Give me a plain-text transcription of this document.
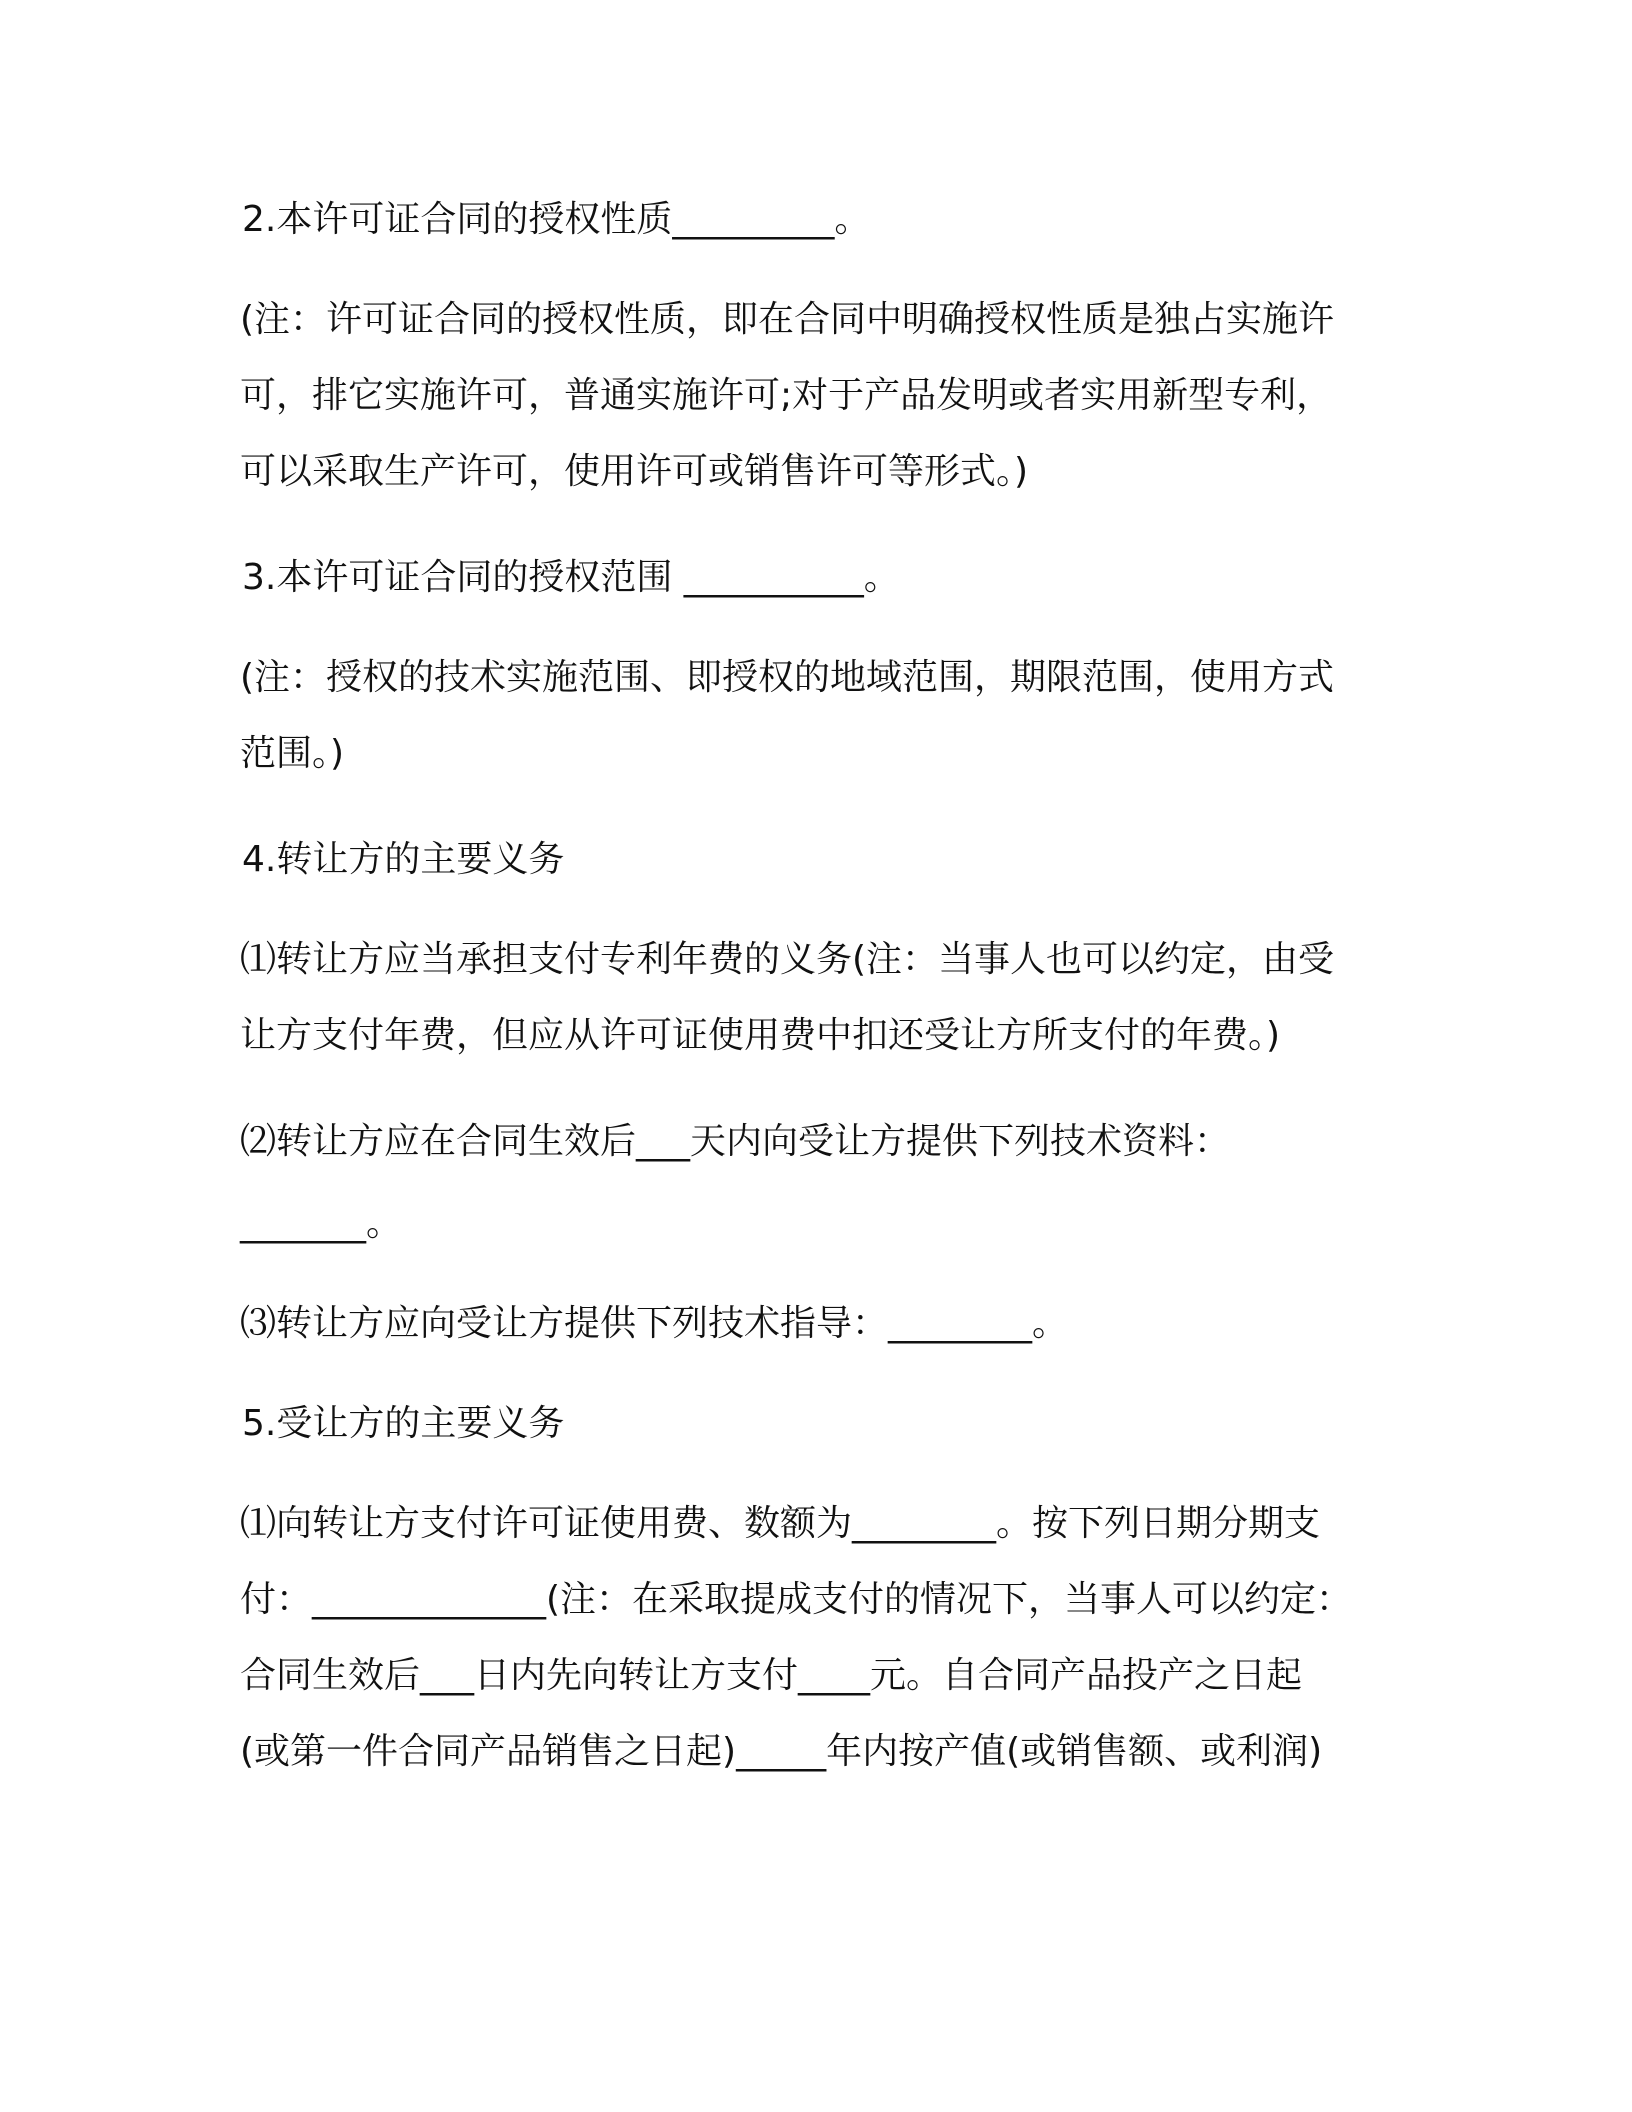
2.本许可证合同的授权性质_________。
(注：许可证合同的授权性质，即在合同中明确授权性质是独占实施许
可，排它实施许可，普通实施许可;对于产品发明或者实用新型专利，
可以采取生产许可，使用许可或销售许可等形式。)
3.本许可证合同的授权范围 __________。
(注：授权的技术实施范围、即授权的地域范围，期限范围，使用方式
范围。)
4.转让方的主要义务
⑴转让方应当承担支付专利年费的义务(注：当事人也可以约定，由受
让方支付年费，但应从许可证使用费中扣还受让方所支付的年费。)
⑵转让方应在合同生效后___天内向受让方提供下列技术资料：
_______。
⑶转让方应向受让方提供下列技术指导：________。
5.受让方的主要义务
⑴向转让方支付许可证使用费、数额为________。按下列日期分期支
付：_____________(注：在采取提成支付的情况下，当事人可以约定：
合同生效后___日内先向转让方支付____元。自合同产品投产之日起
(或第一件合同产品销售之日起)_____年内按产值(或销售额、或利润)
